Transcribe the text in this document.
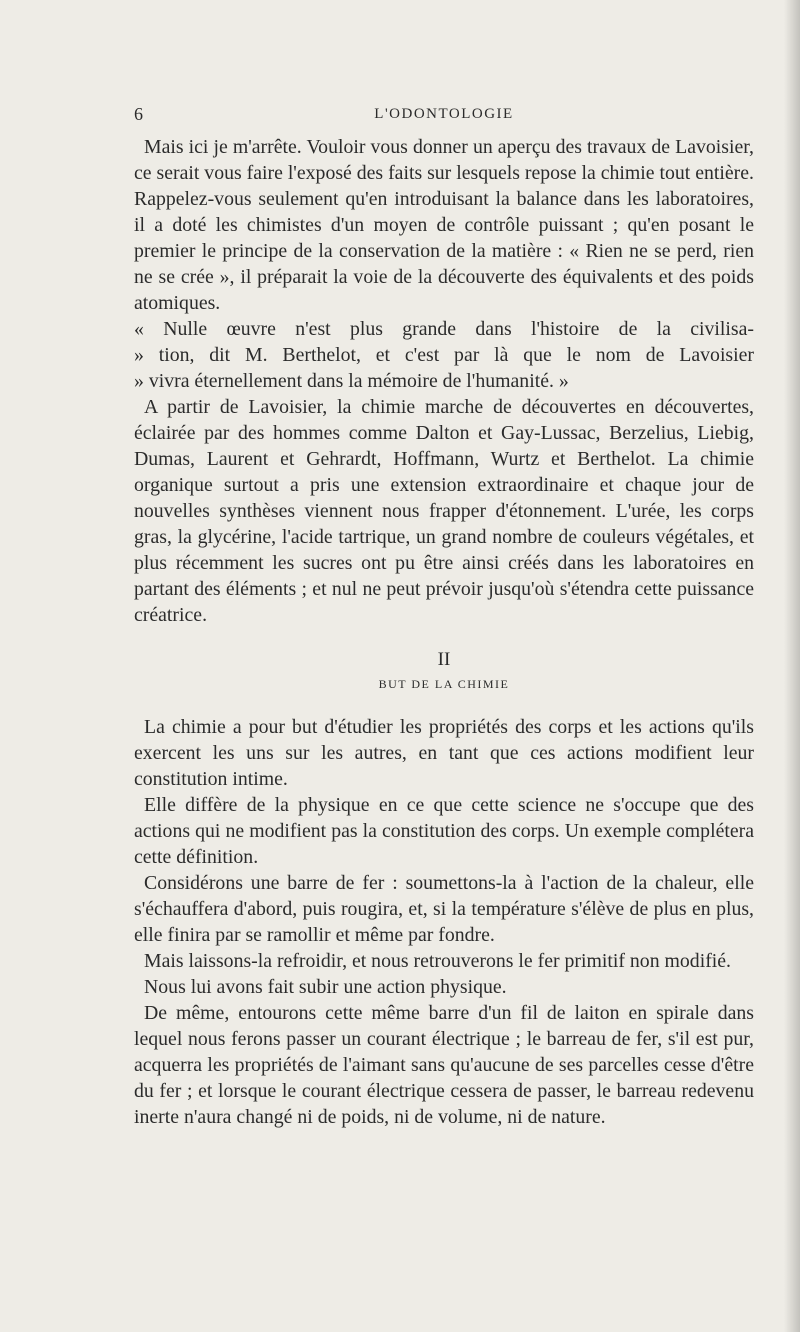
6	L'ODONTOLOGIE

Mais ici je m'arrête. Vouloir vous donner un aperçu des travaux de Lavoisier, ce serait vous faire l'exposé des faits sur lesquels repose la chimie tout entière. Rappelez-vous seulement qu'en introduisant la balance dans les laboratoires, il a doté les chimistes d'un moyen de contrôle puissant ; qu'en posant le premier le principe de la conservation de la matière : « Rien ne se perd, rien ne se crée », il préparait la voie de la découverte des équivalents et des poids atomiques.

« Nulle œuvre n'est plus grande dans l'histoire de la civilisa-
» tion, dit M. Berthelot, et c'est par là que le nom de Lavoisier
» vivra éternellement dans la mémoire de l'humanité. »

A partir de Lavoisier, la chimie marche de découvertes en découvertes, éclairée par des hommes comme Dalton et Gay-Lussac, Berzelius, Liebig, Dumas, Laurent et Gehrardt, Hoffmann, Wurtz et Berthelot. La chimie organique surtout a pris une extension extraordinaire et chaque jour de nouvelles synthèses viennent nous frapper d'étonnement. L'urée, les corps gras, la glycérine, l'acide tartrique, un grand nombre de couleurs végétales, et plus récemment les sucres ont pu être ainsi créés dans les laboratoires en partant des éléments ; et nul ne peut prévoir jusqu'où s'étendra cette puissance créatrice.

II
BUT DE LA CHIMIE

La chimie a pour but d'étudier les propriétés des corps et les actions qu'ils exercent les uns sur les autres, en tant que ces actions modifient leur constitution intime.

Elle diffère de la physique en ce que cette science ne s'occupe que des actions qui ne modifient pas la constitution des corps. Un exemple complétera cette définition.

Considérons une barre de fer : soumettons-la à l'action de la chaleur, elle s'échauffera d'abord, puis rougira, et, si la température s'élève de plus en plus, elle finira par se ramollir et même par fondre.

Mais laissons-la refroidir, et nous retrouverons le fer primitif non modifié.

Nous lui avons fait subir une action physique.

De même, entourons cette même barre d'un fil de laiton en spirale dans lequel nous ferons passer un courant électrique ; le barreau de fer, s'il est pur, acquerra les propriétés de l'aimant sans qu'aucune de ses parcelles cesse d'être du fer ; et lorsque le courant électrique cessera de passer, le barreau redevenu inerte n'aura changé ni de poids, ni de volume, ni de nature.
